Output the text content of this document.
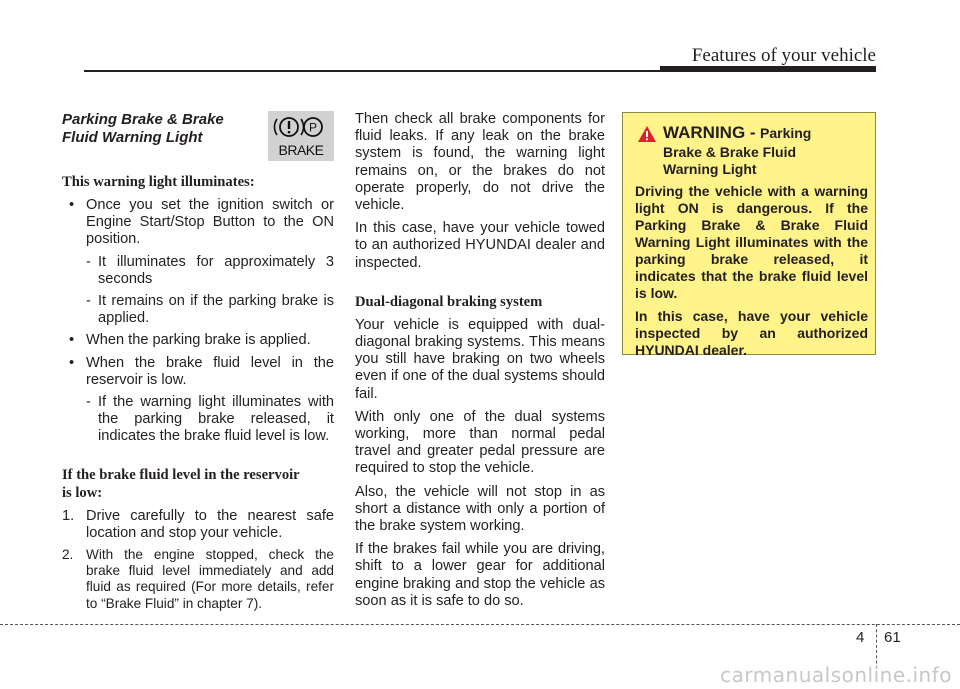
Features of your vehicle
Parking Brake & Brake
Fluid Warning Light

This warning light illuminates:

• Once you set the ignition switch or Engine Start/Stop Button to the ON position.
- It illuminates for approximately 3 seconds
- It remains on if the parking brake is applied.
• When the parking brake is applied.
• When the brake fluid level in the reservoir is low.
- If the warning light illuminates with the parking brake released, it indicates the brake fluid level is low.
If the brake fluid level in the reservoir
is low:
1. Drive carefully to the nearest safe location and stop your vehicle.
2. With the engine stopped, check the brake fluid level immediately and add fluid as required (For more details, refer to “Brake Fluid” in chapter 7).
P
BRAKE

Then check all brake components for fluid leaks. If any leak on the brake system is found, the warning light remains on, or the brakes do not operate properly, do not drive the vehicle.

In this case, have your vehicle towed to an authorized HYUNDAI dealer and inspected.

Dual-diagonal braking system

Your vehicle is equipped with dual-diagonal braking systems. This means you still have braking on two wheels even if one of the dual systems should fail.

With only one of the dual systems working, more than normal pedal travel and greater pedal pressure are required to stop the vehicle.

Also, the vehicle will not stop in as short a distance with only a portion of the brake system working.

If the brakes fail while you are driving, shift to a lower gear for additional engine braking and stop the vehicle as soon as it is safe to do so.

WARNING - Parking
Brake & Brake Fluid
Warning Light

Driving the vehicle with a warning light ON is dangerous. If the Parking Brake & Brake Fluid Warning Light illuminates with the parking brake released, it indicates that the brake fluid level is low.

In this case, have your vehicle inspected by an authorized HYUNDAI dealer.

4 61
carmanualsonline.info
